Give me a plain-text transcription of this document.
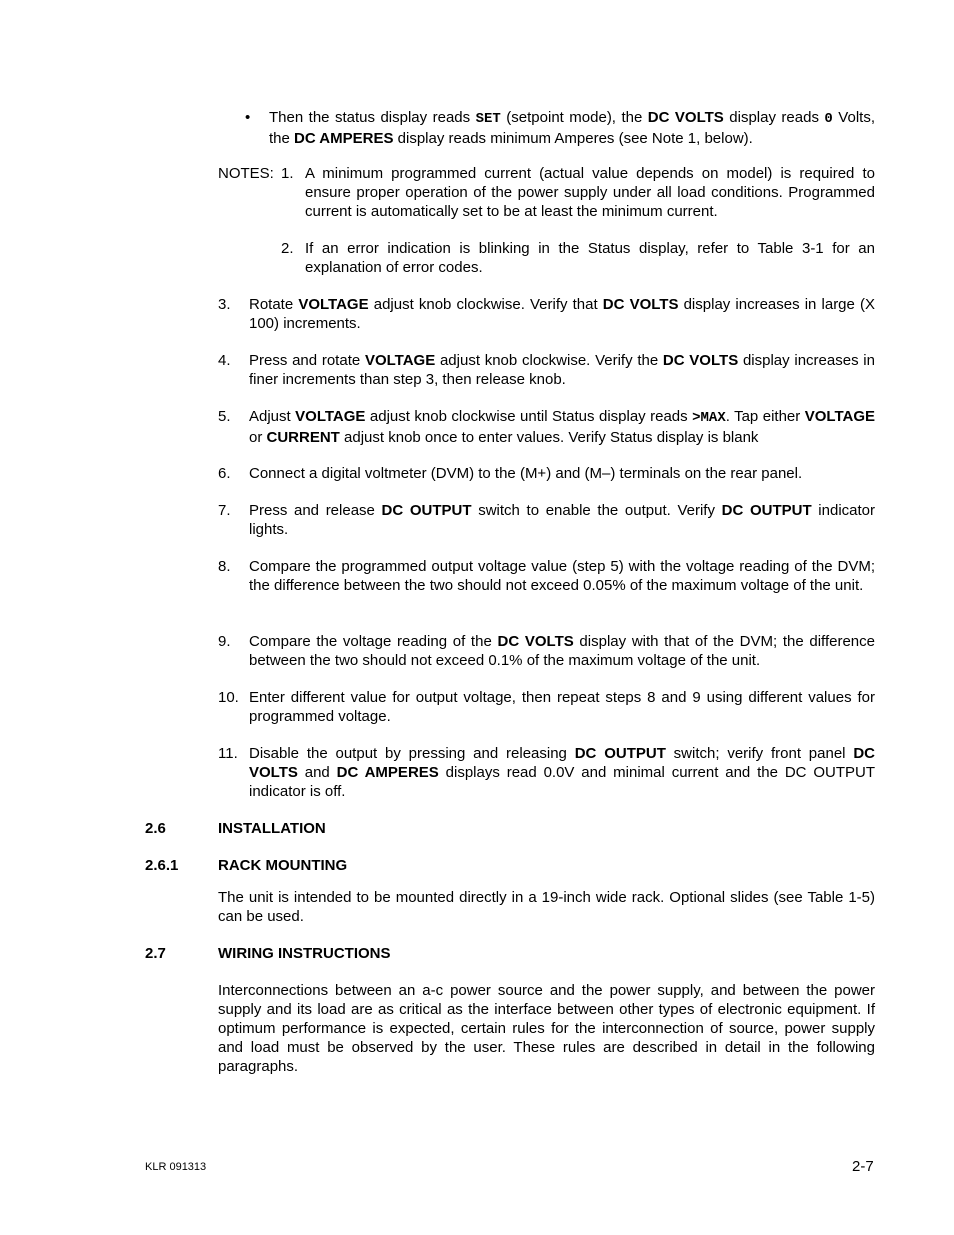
• Then the status display reads SET (setpoint mode), the DC VOLTS display reads 0 Volts, the DC AMPERES display reads minimum Amperes (see Note 1, below).
NOTES: 1. A minimum programmed current (actual value depends on model) is required to ensure proper operation of the power supply under all load conditions. Programmed current is automatically set to be at least the minimum current.
2. If an error indication is blinking in the Status display, refer to Table 3-1 for an explanation of error codes.
3. Rotate VOLTAGE adjust knob clockwise. Verify that DC VOLTS display increases in large (X 100) increments.
4. Press and rotate VOLTAGE adjust knob clockwise. Verify the DC VOLTS display increases in finer increments than step 3, then release knob.
5. Adjust VOLTAGE adjust knob clockwise until Status display reads >MAX. Tap either VOLTAGE or CURRENT adjust knob once to enter values. Verify Status display is blank
6. Connect a digital voltmeter (DVM) to the (M+) and (M–) terminals on the rear panel.
7. Press and release DC OUTPUT switch to enable the output. Verify DC OUTPUT indicator lights.
8. Compare the programmed output voltage value (step 5) with the voltage reading of the DVM; the difference between the two should not exceed 0.05% of the maximum voltage of the unit.
9. Compare the voltage reading of the DC VOLTS display with that of the DVM; the difference between the two should not exceed 0.1% of the maximum voltage of the unit.
10. Enter different value for output voltage, then repeat steps 8 and 9 using different values for programmed voltage.
11. Disable the output by pressing and releasing DC OUTPUT switch; verify front panel DC VOLTS and DC AMPERES displays read 0.0V and minimal current and the DC OUTPUT indicator is off.
2.6	INSTALLATION
2.6.1	RACK MOUNTING
The unit is intended to be mounted directly in a 19-inch wide rack. Optional slides (see Table 1-5) can be used.
2.7	WIRING INSTRUCTIONS
Interconnections between an a-c power source and the power supply, and between the power supply and its load are as critical as the interface between other types of electronic equipment. If optimum performance is expected, certain rules for the interconnection of source, power supply and load must be observed by the user. These rules are described in detail in the following paragraphs.
KLR 091313	2-7
